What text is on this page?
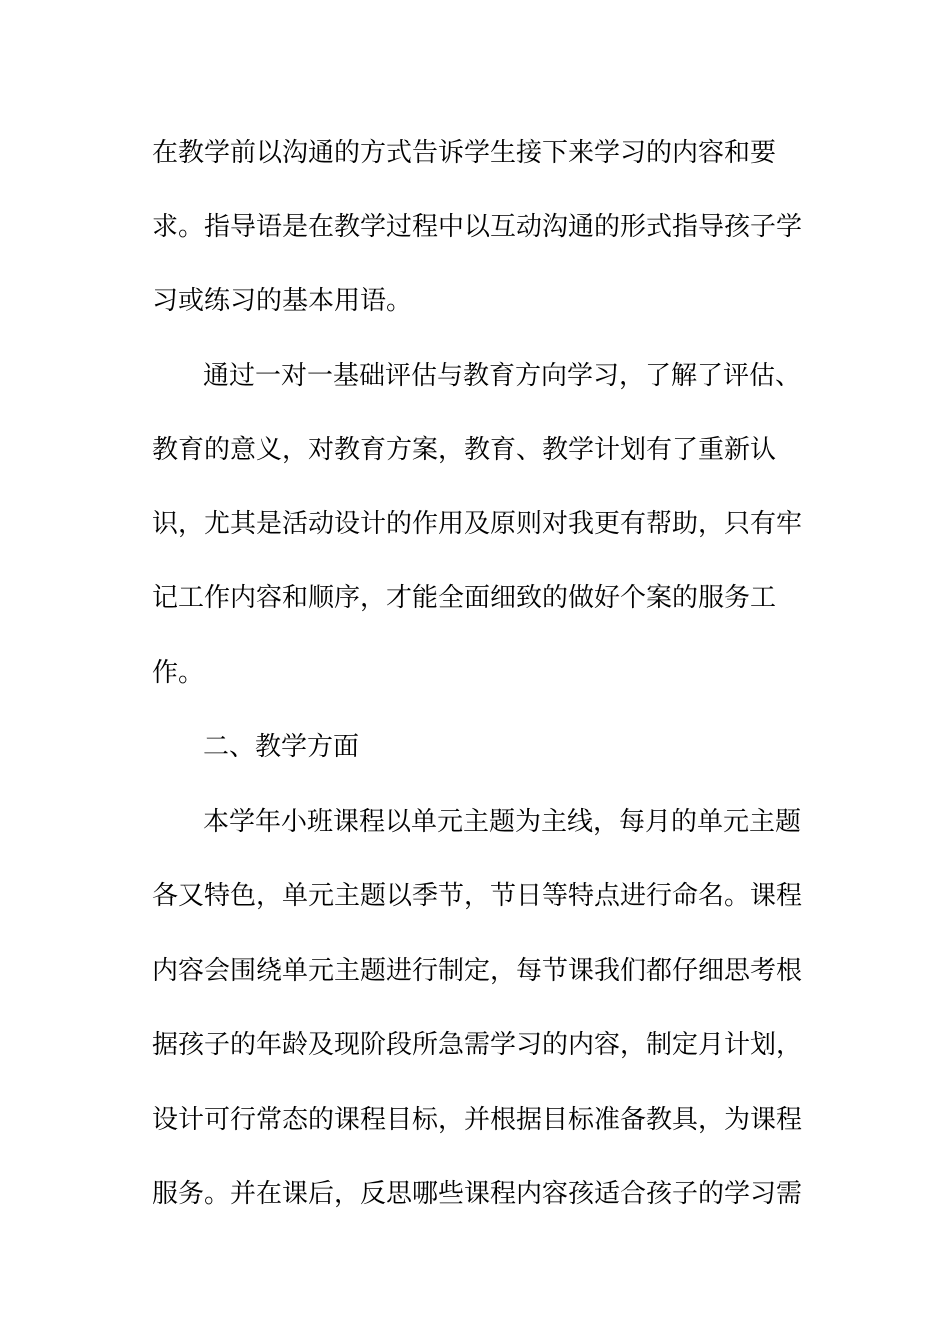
在教学前以沟通的方式告诉学生接下来学习的内容和要
求。指导语是在教学过程中以互动沟通的形式指导孩子学
习或练习的基本用语。
通过一对一基础评估与教育方向学习，了解了评估、
教育的意义，对教育方案，教育、教学计划有了重新认
识，尤其是活动设计的作用及原则对我更有帮助，只有牢
记工作内容和顺序，才能全面细致的做好个案的服务工
作。
二、教学方面
本学年小班课程以单元主题为主线，每月的单元主题
各又特色，单元主题以季节，节日等特点进行命名。课程
内容会围绕单元主题进行制定，每节课我们都仔细思考根
据孩子的年龄及现阶段所急需学习的内容，制定月计划，
设计可行常态的课程目标，并根据目标准备教具，为课程
服务。并在课后，反思哪些课程内容孩适合孩子的学习需
